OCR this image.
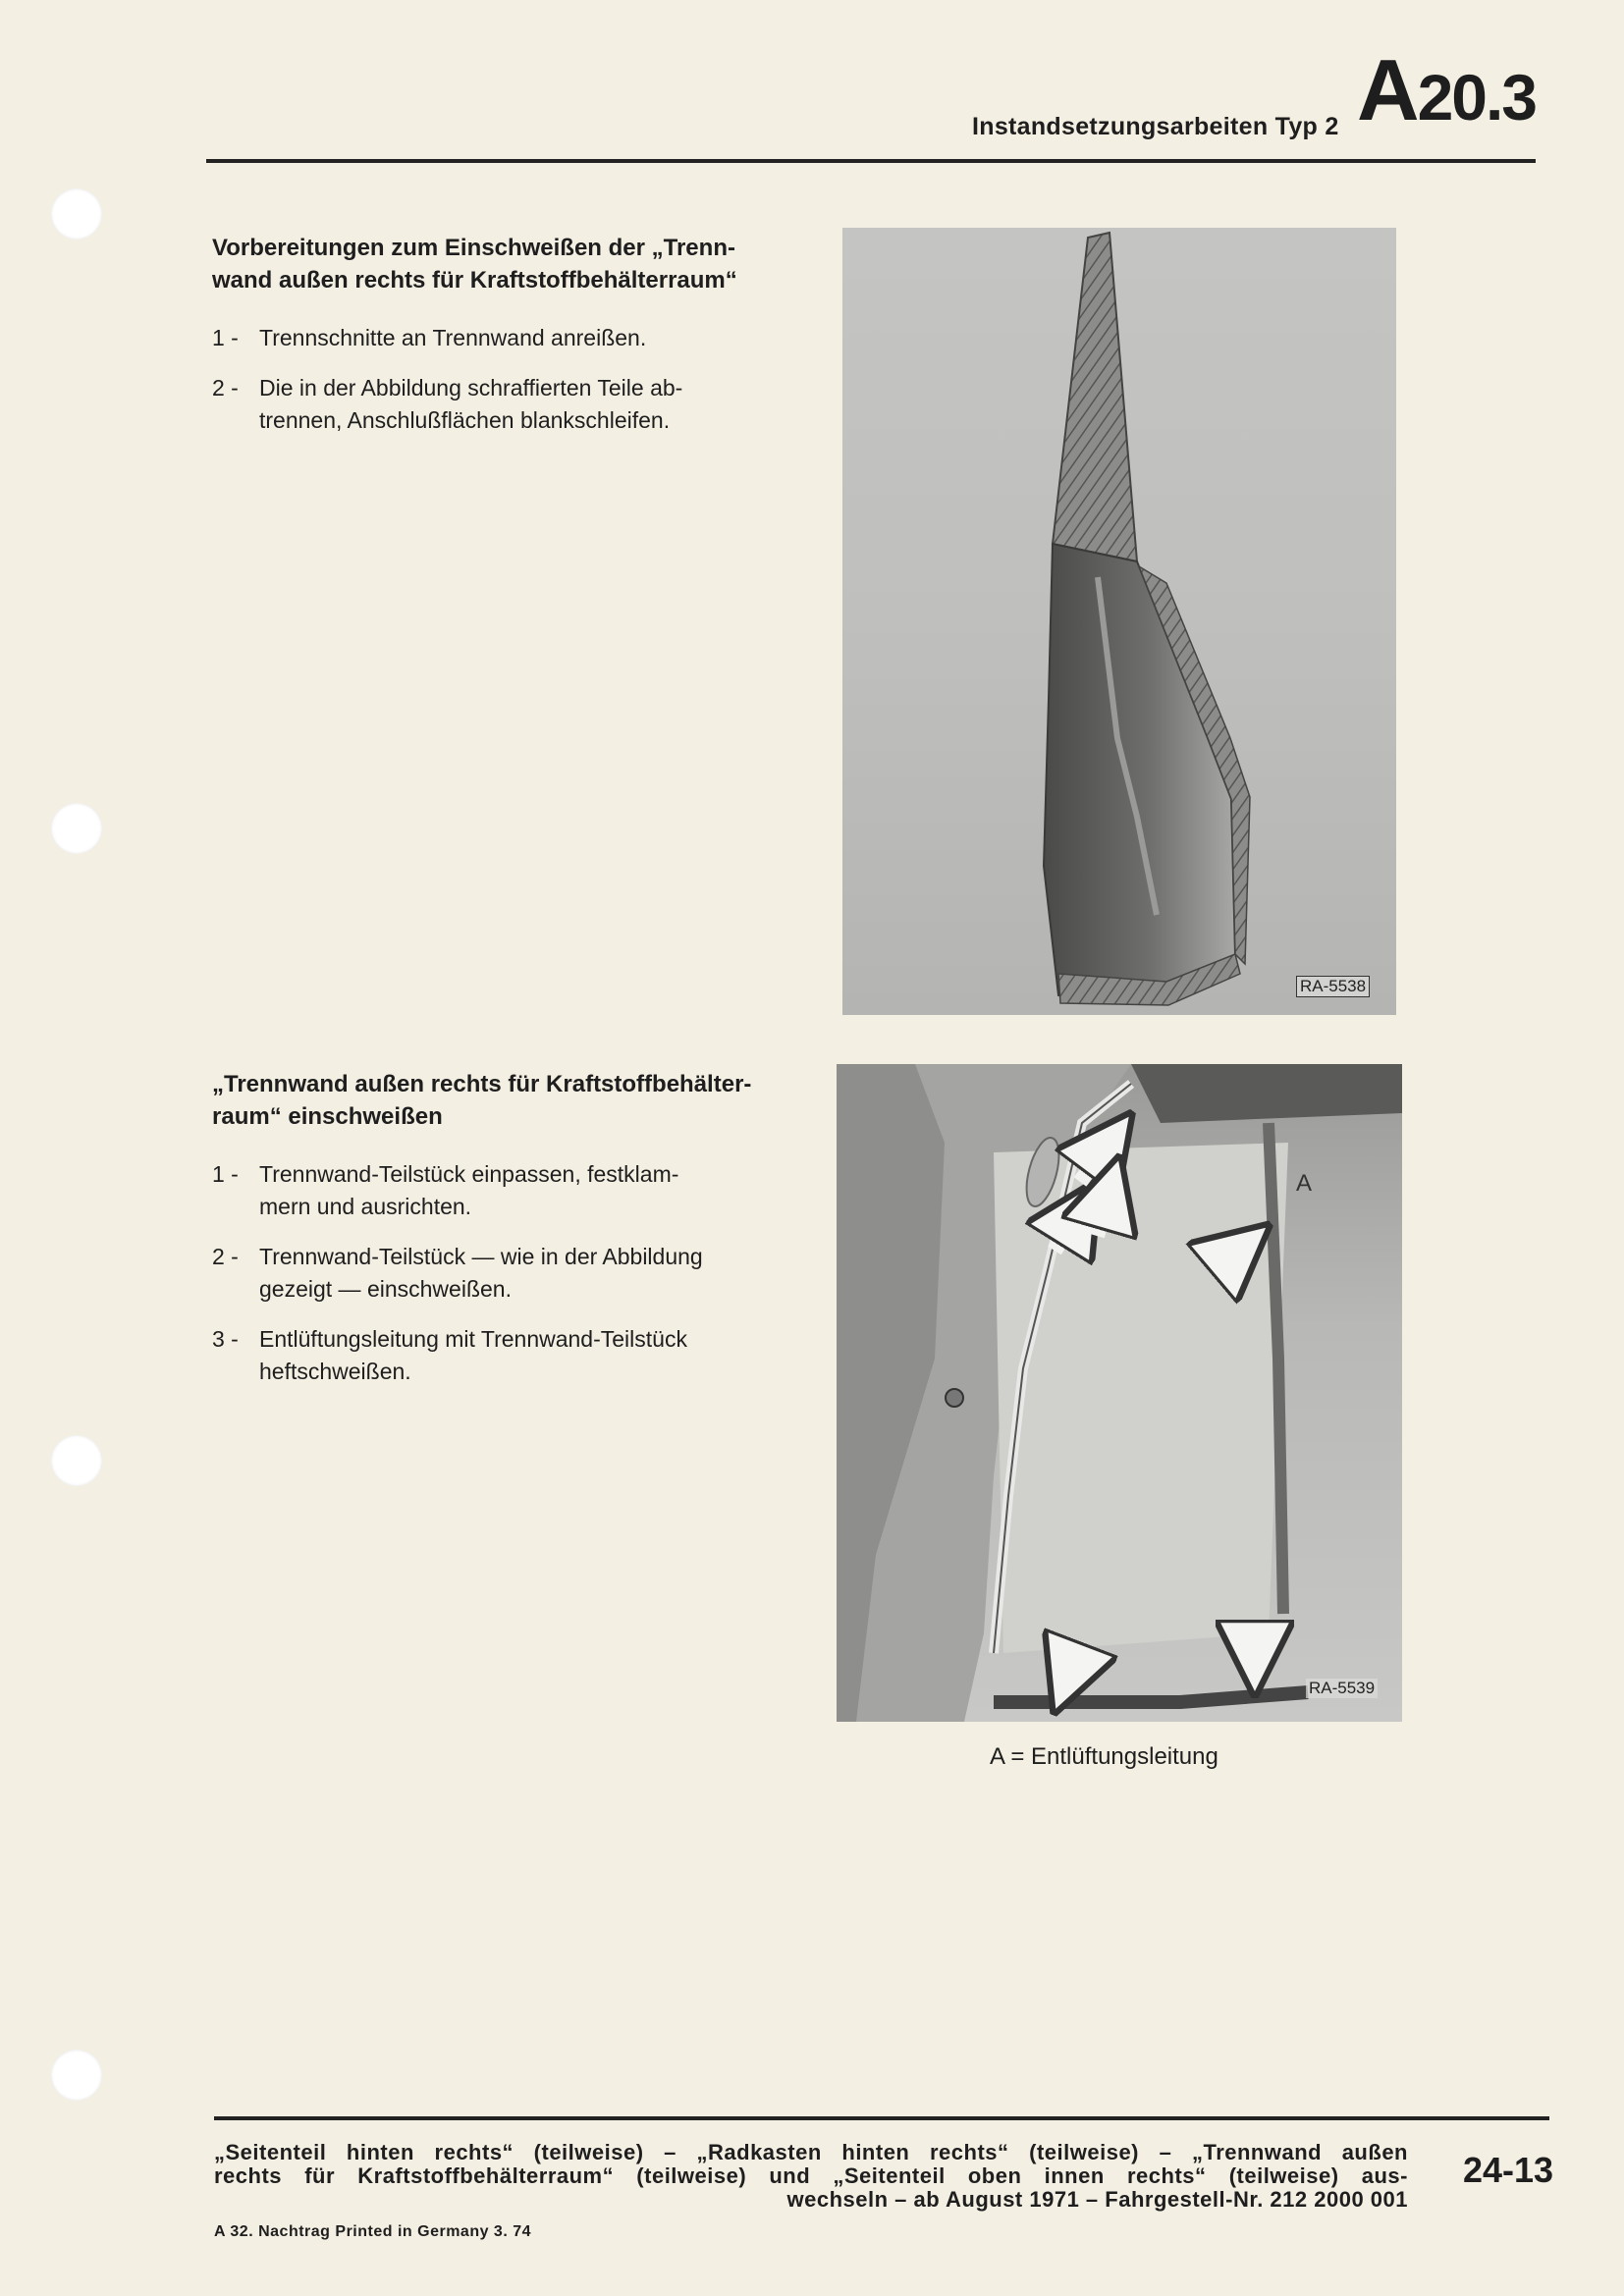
Instandsetzungsarbeiten Typ 2 A20.3
Vorbereitungen zum Einschweißen der „Trenn-
wand außen rechts für Kraftstoffbehälterraum“
1 - Trennschnitte an Trennwand anreißen.
2 - Die in der Abbildung schraffierten Teile ab-
trennen, Anschlußflächen blankschleifen.
RA-5538
„Trennwand außen rechts für Kraftstoffbehälter-
raum“ einschweißen
1 - Trennwand-Teilstück einpassen, festklam-
mern und ausrichten.
2 - Trennwand-Teilstück — wie in der Abbildung
gezeigt — einschweißen.
3 - Entlüftungsleitung mit Trennwand-Teilstück
heftschweißen.
A
RA-5539
A = Entlüftungsleitung
„Seitenteil hinten rechts“ (teilweise) – „Radkasten hinten rechts“ (teilweise) – „Trennwand außen
rechts für Kraftstoffbehälterraum“ (teilweise) und „Seitenteil oben innen rechts“ (teilweise) aus-
wechseln – ab August 1971 – Fahrgestell-Nr. 212 2000 001
24-13
A 32. Nachtrag Printed in Germany 3. 74
